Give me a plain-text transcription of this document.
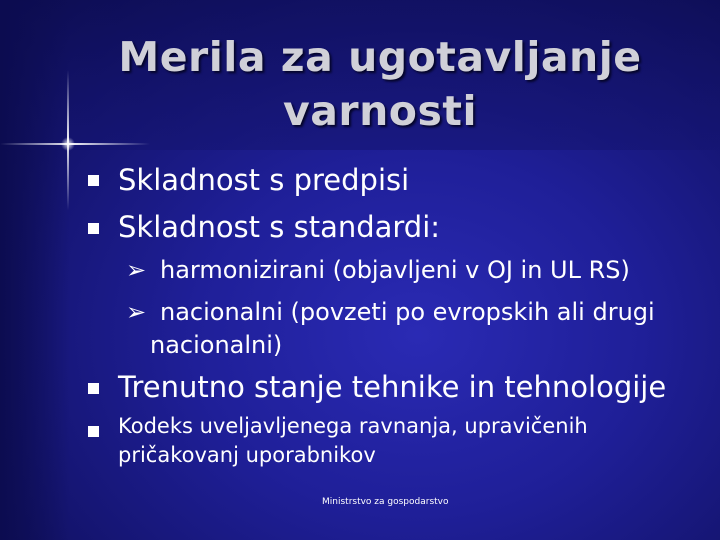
Merila za ugotavljanje varnosti
Skladnost s predpisi
Skladnost s standardi:
➢ harmonizirani (objavljeni v OJ in UL RS)
➢ nacionalni (povzeti po evropskih ali drugi
nacionalni)
Trenutno stanje tehnike in tehnologije
Kodeks uveljavljenega ravnanja, upravičenih
pričakovanj uporabnikov
Ministrstvo za gospodarstvo
